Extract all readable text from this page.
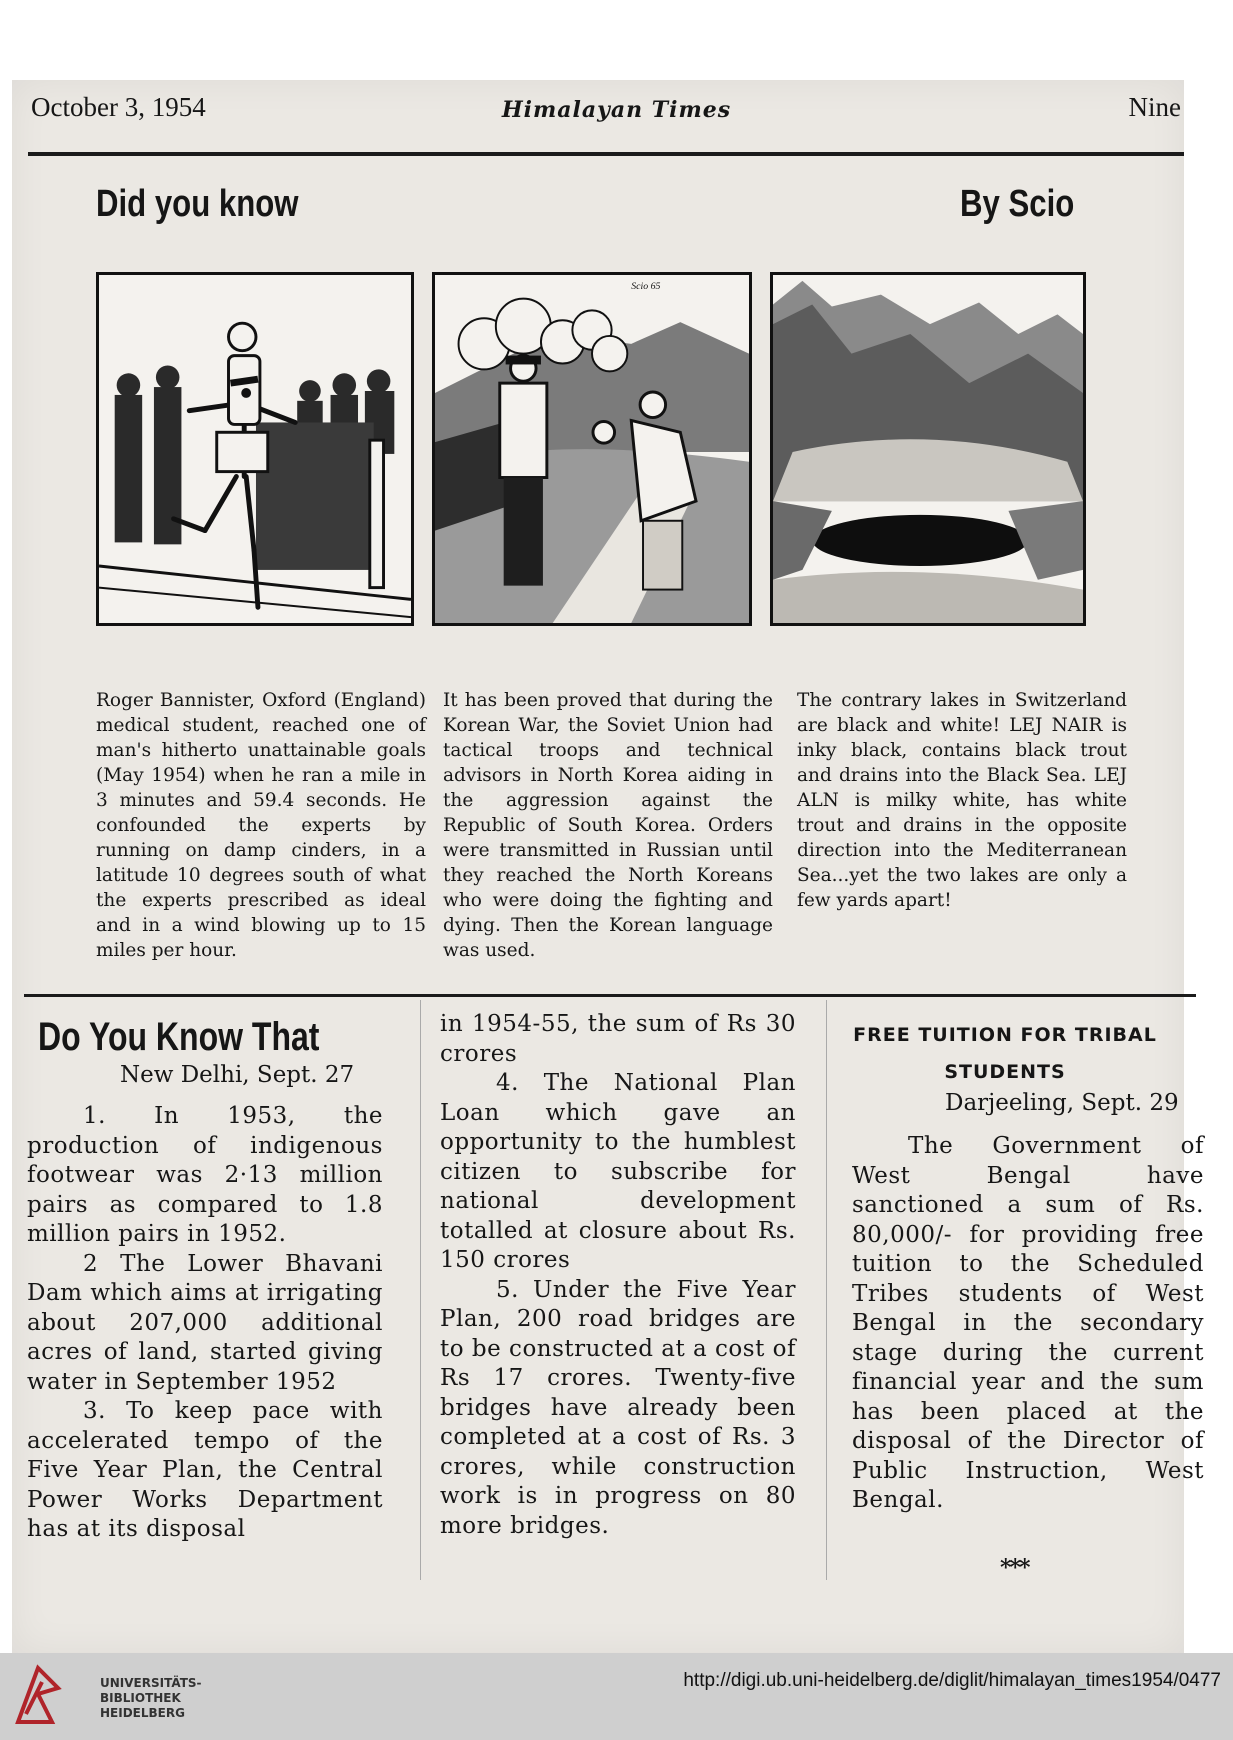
October 3, 1954	Himalayan Times	Nine
Did you know	By Scio
Scio 65
Roger Bannister, Oxford (England) medical student, reached one of man's hitherto unattainable goals (May 1954) when he ran a mile in 3 minutes and 59.4 seconds. He confounded the experts by running on damp cinders, in a latitude 10 degrees south of what the experts prescribed as ideal and in a wind blowing up to 15 miles per hour.
It has been proved that during the Korean War, the Soviet Union had tactical troops and technical advisors in North Korea aiding in the aggression against the Republic of South Korea. Orders were transmitted in Russian until they reached the North Koreans who were doing the fighting and dying. Then the Korean language was used.
The contrary lakes in Switzerland are black and white! LEJ NAIR is inky black, contains black trout and drains into the Black Sea. LEJ ALN is milky white, has white trout and drains in the opposite direction into the Mediterranean Sea...yet the two lakes are only a few yards apart!
Do You Know That
New Delhi, Sept. 27

1. In 1953, the production of indigenous footwear was 2·13 million pairs as compared to 1.8 million pairs in 1952.

2 The Lower Bhavani Dam which aims at irrigating about 207,000 additional acres of land, started giving water in September 1952

3. To keep pace with accelerated tempo of the Five Year Plan, the Central Power Works Department has at its disposal

in 1954-55, the sum of Rs 30 crores

4. The National Plan Loan which gave an opportunity to the humblest citizen to subscribe for national development totalled at closure about Rs. 150 crores

5. Under the Five Year Plan, 200 road bridges are to be constructed at a cost of Rs 17 crores. Twenty-five bridges have already been completed at a cost of Rs. 3 crores, while construction work is in progress on 80 more bridges.

FREE TUITION FOR TRIBAL
STUDENTS
Darjeeling, Sept. 29

The Government of West Bengal have sanctioned a sum of Rs. 80,000/- for providing free tuition to the Scheduled Tribes students of West Bengal in the secondary stage during the current financial year and the sum has been placed at the disposal of the Director of Public Instruction, West Bengal.

***
UNIVERSITÄTS-
BIBLIOTHEK
HEIDELBERG
http://digi.ub.uni-heidelberg.de/diglit/himalayan_times1954/0477
